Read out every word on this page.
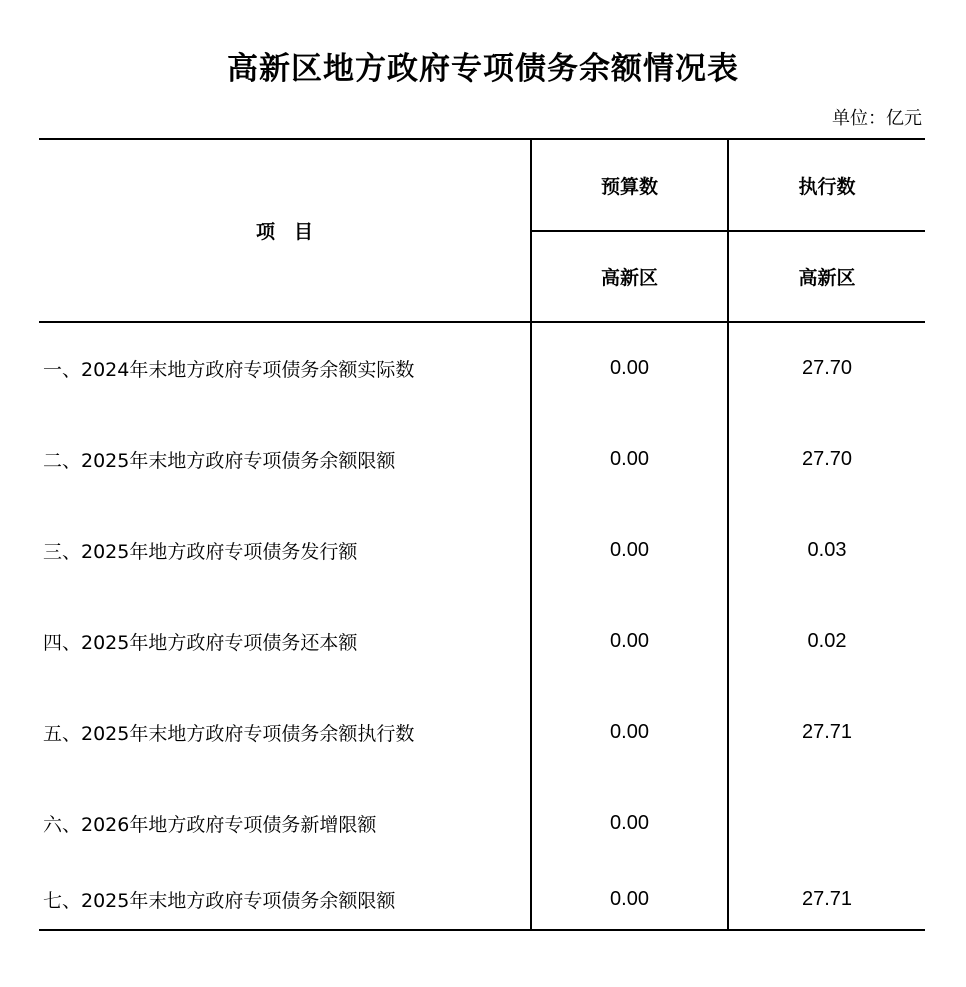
高新区地方政府专项债务余额情况表
单位：亿元
项　目	预算数	执行数
	高新区	高新区
一、2024年末地方政府专项债务余额实际数	0.00	27.70
二、2025年末地方政府专项债务余额限额	0.00	27.70
三、2025年地方政府专项债务发行额	0.00	0.03
四、2025年地方政府专项债务还本额	0.00	0.02
五、2025年末地方政府专项债务余额执行数	0.00	27.71
六、2026年地方政府专项债务新增限额	0.00	
七、2025年末地方政府专项债务余额限额	0.00	27.71
